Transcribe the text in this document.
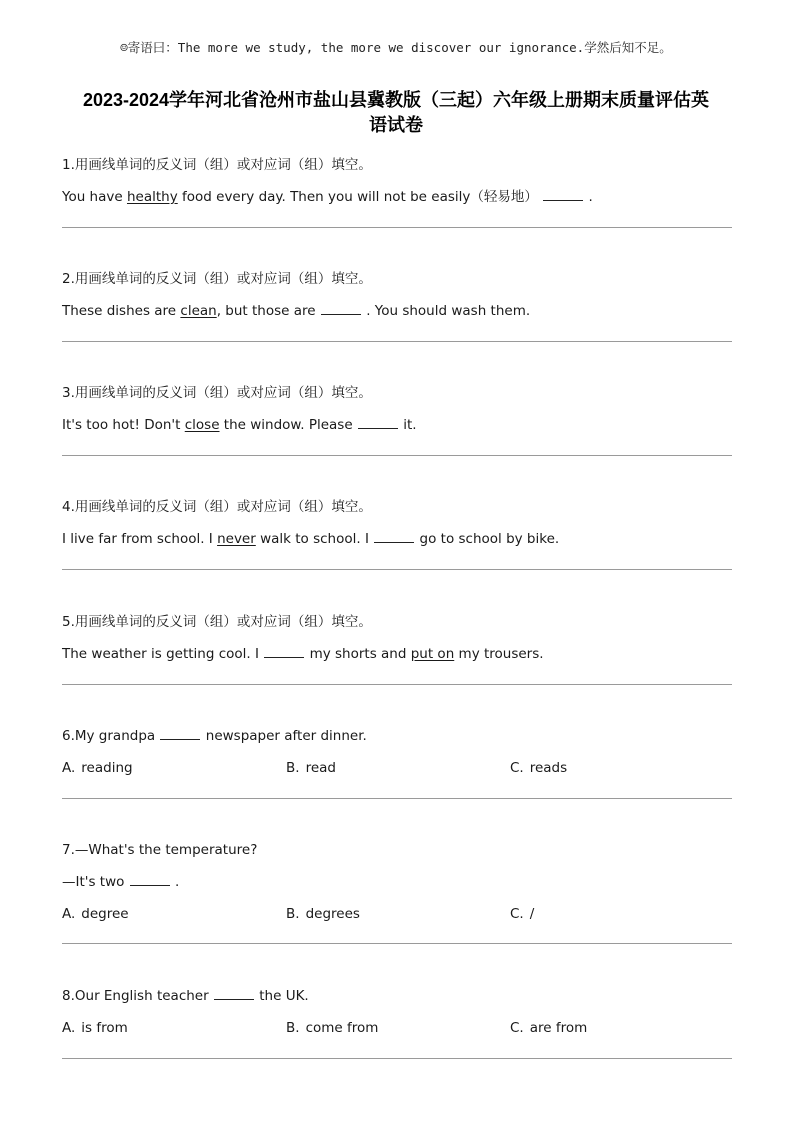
☺寄语曰：The more we study, the more we discover our ignorance.学然后知不足。
2023-2024学年河北省沧州市盐山县冀教版（三起）六年级上册期末质量评估英
语试卷
1.用画线单词的反义词（组）或对应词（组）填空。
You have healthy food every day. Then you will not be easily（轻易地）	.
2.用画线单词的反义词（组）或对应词（组）填空。
These dishes are clean, but those are	. You should wash them.
3.用画线单词的反义词（组）或对应词（组）填空。
It's too hot! Don't close the window. Please	it.
4.用画线单词的反义词（组）或对应词（组）填空。
I live far from school. I never walk to school. I	go to school by bike.
5.用画线单词的反义词（组）或对应词（组）填空。
The weather is getting cool. I	my shorts and put on my trousers.
6.My grandpa	newspaper after dinner.
A. reading	B. read	C. reads
7.—What's the temperature?
—It's two	.
A. degree	B. degrees	C. /
8.Our English teacher	the UK.
A. is from	B. come from	C. are from
